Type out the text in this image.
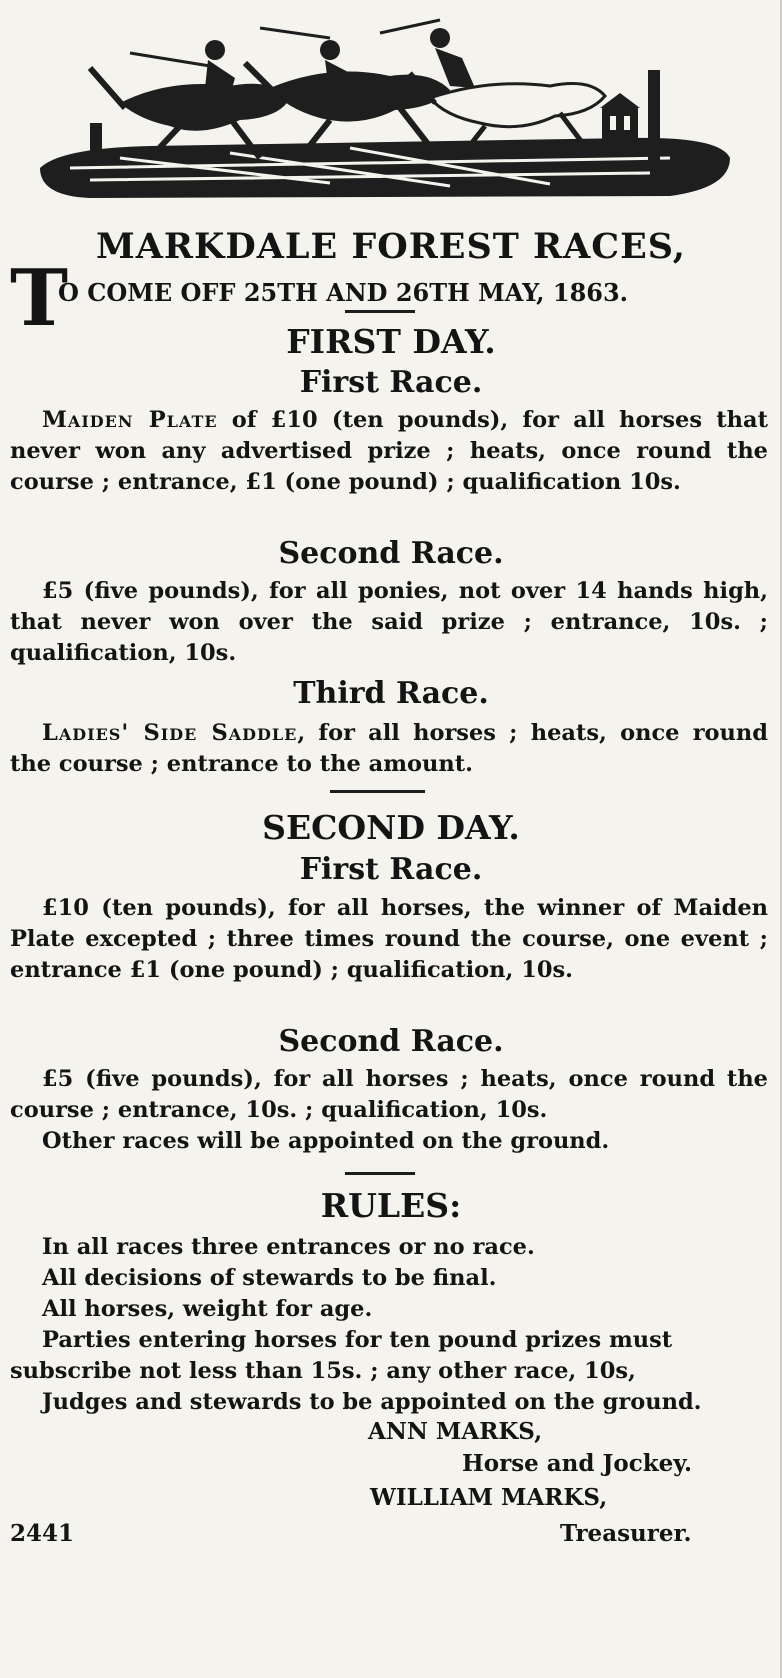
MARKDALE FOREST RACES,
T
O COME OFF 25TH AND 26TH MAY, 1863.
FIRST DAY.
First Race.

Maiden Plate of £10 (ten pounds), for all horses that never won any advertised prize ; heats, once round the course ; entrance, £1 (one pound) ; qualification 10s.

Second Race.

£5 (five pounds), for all ponies, not over 14 hands high, that never won over the said prize ; entrance, 10s. ; qualification, 10s.

Third Race.

Ladies' Side Saddle, for all horses ; heats, once round the course ; entrance to the amount.

SECOND DAY.
First Race.

£10 (ten pounds), for all horses, the winner of Maiden Plate excepted ; three times round the course, one event ; entrance £1 (one pound) ; qualification, 10s.

Second Race.

£5 (five pounds), for all horses ; heats, once round the course ; entrance, 10s. ; qualification, 10s.

Other races will be appointed on the ground.

RULES:
In all races three entrances or no race.
All decisions of stewards to be final.
All horses, weight for age.
Parties entering horses for ten pound prizes must
subscribe not less than 15s. ; any other race, 10s,
Judges and stewards to be appointed on the ground.
ANN MARKS,
Horse and Jockey.
WILLIAM MARKS,
2441	Treasurer.
